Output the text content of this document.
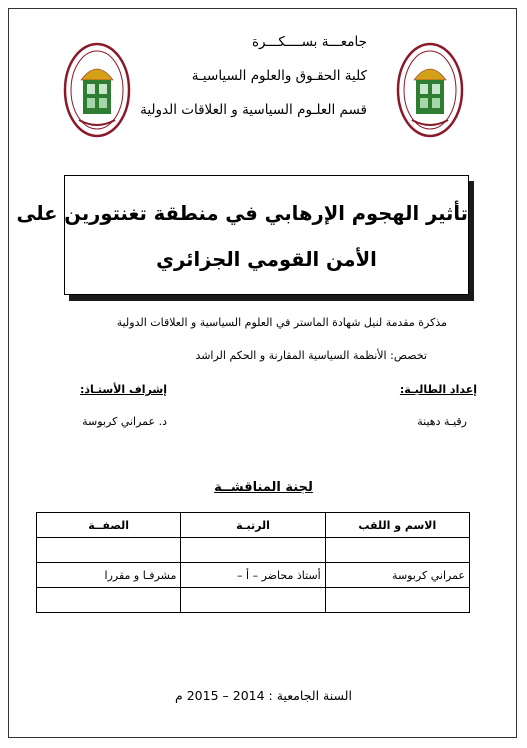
جامعـــة بســــكـــرة
كلية الحقـوق والعلوم السياسيـة
قسم العلـوم السياسية و العلاقات الدولية
تأثير الهجوم الإرهابي في منطقة تغنتورين على
الأمن القومي الجزائري
مذكرة مقدمة لنيل شهادة الماستر في العلوم السياسية و العلاقات الدولية
تخصص: الأنظمة السياسية المقارنة و الحكم الراشد
إعداد الطالبـة:
رقيـة دهينة
إشراف الأستـاذ:
د. عمراني كربوسة
لجنة المناقشــة
الاسم و اللقب	الرتبـة	الصفــة

عمراني كربوسة	أستاذ محاضر – أ –	مشرفـا و مقررا

السنة الجامعية : 2014 – 2015 م
